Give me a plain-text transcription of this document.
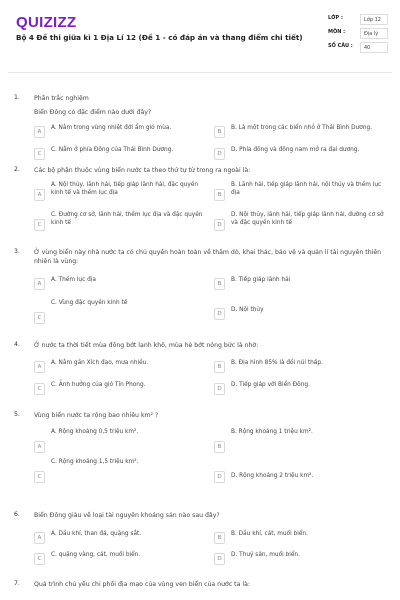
QUIZIZZ
Bộ 4 Đề thi giữa kì 1 Địa Lí 12 (Đề 1 - có đáp án và thang điểm chi tiết)
LỚP :	Lớp 12
MÔN :	Địa lý
SỐ CÂU :	40
1. Phần trắc nghiệm
Biển Đông có đặc điểm nào dưới đây?
A
A. Nằm trong vùng nhiệt đới ẩm gió mùa.
B
B. Là một trong các biển nhỏ ở Thái Bình Dương.
C
C. Nằm ở phía Đông của Thái Bình Dương.
D
D. Phía đông và đông nam mở ra đại dương.
2. Các bộ phận thuộc vùng biển nước ta theo thứ tự từ trong ra ngoài là:
A
A. Nội thủy, lãnh hải, tiếp giáp lãnh hải, đặc quyền kinh tế và thềm lục địa	B
B. Lãnh hải, tiếp giáp lãnh hải, nội thủy và thềm lục địa
C
C. Đường cơ sở, lãnh hải, thềm lục địa và đặc quyền kinh tế	D
D. Nội thủy, lãnh hải, tiếp giáp lãnh hải, đường cơ sở và đặc quyền kinh tế
3. Ở vùng biển này nhà nước ta có chủ quyền hoàn toàn về thăm dò, khai thác, bảo vệ và quản lí tài nguyên thiên nhiên là vùng:
A
A. Thềm lục địa
B
B. Tiếp giáp lãnh hải
C
C. Vùng đặc quyền kinh tế
D
D. Nội thủy
4. Ở nước ta thời tiết mùa đông bớt lạnh khô, mùa hè bớt nóng bức là nhờ:
A
A. Nằm gần Xích đạo, mưa nhiều.
B
B. Địa hình 85% là đồi núi thấp.
C
C. Ảnh hưởng của gió Tín Phong.
D
D. Tiếp giáp với Biển Đông.
5. Vùng biển nước ta rộng bao nhiêu km² ?
A
A. Rộng khoảng 0,5 triệu km².
B
B. Rộng khoảng 1 triệu km².
C
C. Rộng khoảng 1,5 triệu km².
D	D. Rộng khoảng 2 triệu km².
6. Biển Đông giàu về loại tài nguyên khoáng sản nào sau đây?
A
A. Dầu khí, than đá, quặng sắt.
B
B. Dầu khí, cát, muối biển.
C
C. quặng vàng, cát, muối biển.
D
D. Thuỷ sản, muối biển.
7. Quá trình chủ yếu chi phối địa mạo của vùng ven biển của nước ta là:
